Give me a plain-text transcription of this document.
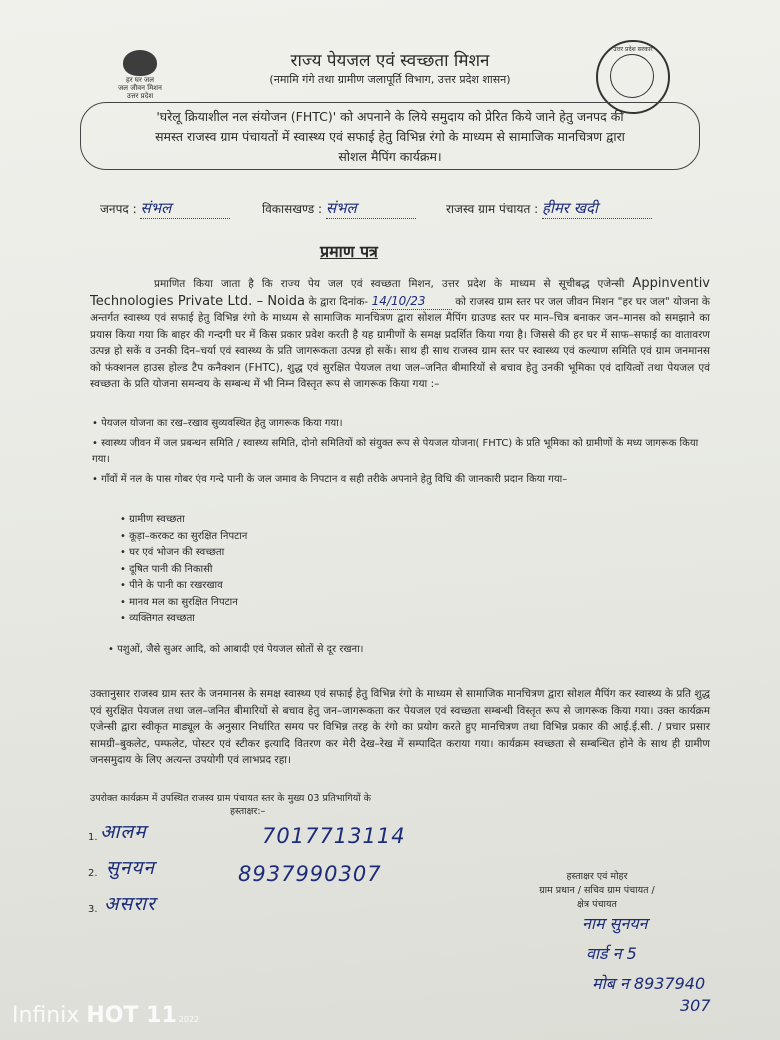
हर घर जल
जल जीवन मिशन
उत्तर प्रदेश
राज्य पेयजल एवं स्वच्छता मिशन
(नमामि गंगे तथा ग्रामीण जलापूर्ति विभाग, उत्तर प्रदेश शासन)
उत्तर प्रदेश सरकार
'घरेलू क्रियाशील नल संयोजन (FHTC)' को अपनाने के लिये समुदाय को प्रेरित किये जाने हेतु जनपद की
समस्त राजस्व ग्राम पंचायतों में स्वास्थ्य एवं सफाई हेतु विभिन्न रंगो के माध्यम से सामाजिक मानचित्रण द्वारा
सोशल मैपिंग कार्यक्रम।
जनपद : संभल	विकासखण्ड : संभल	राजस्व ग्राम पंचायत : हीमर खदी
प्रमाण पत्र
प्रमाणित किया जाता है कि राज्य पेय जल एवं स्वच्छता मिशन, उत्तर प्रदेश के माध्यम से सूचीबद्ध एजेन्सी Appinventiv Technologies Private Ltd. – Noida के द्वारा दिनांक- 14/10/23	को राजस्व ग्राम स्तर पर जल जीवन मिशन "हर घर जल" योजना के अन्तर्गत स्वास्थ्य एवं सफाई हेतु विभिन्न रंगो के माध्यम से सामाजिक मानचित्रण द्वारा सोशल मैपिंग ग्राउण्ड स्तर पर मान–चित्र बनाकर जन–मानस को समझाने का प्रयास किया गया कि बाहर की गन्दगी घर में किस प्रकार प्रवेश करती है यह ग्रामीणों के समक्ष प्रदर्शित किया गया है। जिससे की हर घर में साफ–सफाई का वातावरण उत्पन्न हो सकें व उनकी दिन–चर्या एवं स्वास्थ्य के प्रति जागरूकता उत्पन्न हो सकें। साथ ही साथ राजस्व ग्राम स्तर पर स्वास्थ्य एवं कल्याण समिति एवं ग्राम जनमानस को फंक्शनल हाउस होल्ड टैप कनैक्शन (FHTC), शुद्ध एवं सुरक्षित पेयजल तथा जल–जनित बीमारियों से बचाव हेतु उनकी भूमिका एवं दायित्वों तथा पेयजल एवं स्वच्छता के प्रति योजना समन्वय के सम्बन्ध में भी निम्न विस्तृत रूप से जागरूक किया गया :–
• पेयजल योजना का रख–रखाव सुव्यवस्थित हेतु जागरूक किया गया।
• स्वास्थ्य जीवन में जल प्रबन्धन समिति / स्वास्थ्य समिति, दोनो समितियों को संयुक्त रूप से पेयजल योजना( FHTC) के प्रति भूमिका को ग्रामीणों के मध्य जागरूक किया गया।
• गाँवों में नल के पास गोबर एंव गन्दे पानी के जल जमाव के निपटान व सही तरीके अपनाने हेतु विधि की जानकारी प्रदान किया गया–
• ग्रामीण स्वच्छता
• कूड़ा–करकट का सुरक्षित निपटान
• घर एवं भोजन की स्वच्छता
• दूषित पानी की निकासी
• पीने के पानी का रखरखाव
• मानव मल का सुरक्षित निपटान
• व्यक्तिगत स्वच्छता
• पशुओं, जैसे सुअर आदि, को आबादी एवं पेयजल स्रोतों से दूर रखना।
उक्तानुसार राजस्व ग्राम स्तर के जनमानस के समक्ष स्वास्थ्य एवं सफाई हेतु विभिन्न रंगो के माध्यम से सामाजिक मानचित्रण द्वारा सोशल मैपिंग कर स्वास्थ्य के प्रति शुद्ध एवं सुरक्षित पेयजल तथा जल–जनित बीमारियों से बचाव हेतु जन–जागरूकता कर पेयजल एवं स्वच्छता सम्बन्धी विस्तृत रूप से जागरूक किया गया। उक्त कार्यक्रम एजेन्सी द्वारा स्वीकृत माड्यूल के अनुसार निर्धारित समय पर विभिन्न तरह के रंगो का प्रयोग करते हुए मानचित्रण तथा विभिन्न प्रकार की आई.ई.सी. / प्रचार प्रसार सामग्री–बुकलेट, पम्फलेट, पोस्टर एवं स्टीकर इत्यादि वितरण कर मेरी देख–रेख में सम्पादित कराया गया। कार्यक्रम स्वच्छता से सम्बन्धित होने के साथ ही ग्रामीण जनसमुदाय के लिए अत्यन्त उपयोगी एवं लाभप्रद रहा।
उपरोक्त कार्यक्रम में उपस्थित राजस्व ग्राम पंचायत स्तर के मुख्य 03 प्रतिभागियों के
हस्ताक्षर:–
1. आलम	7017713114
2. सुनयन	8937990307
3. असरार
हस्ताक्षर एवं मोहर
ग्राम प्रधान / सचिव ग्राम पंचायत /
क्षेत्र पंचायत
नाम सुनयन
वार्ड न 5
मोब न 8937940
307
Infinix HOT 11 2022
